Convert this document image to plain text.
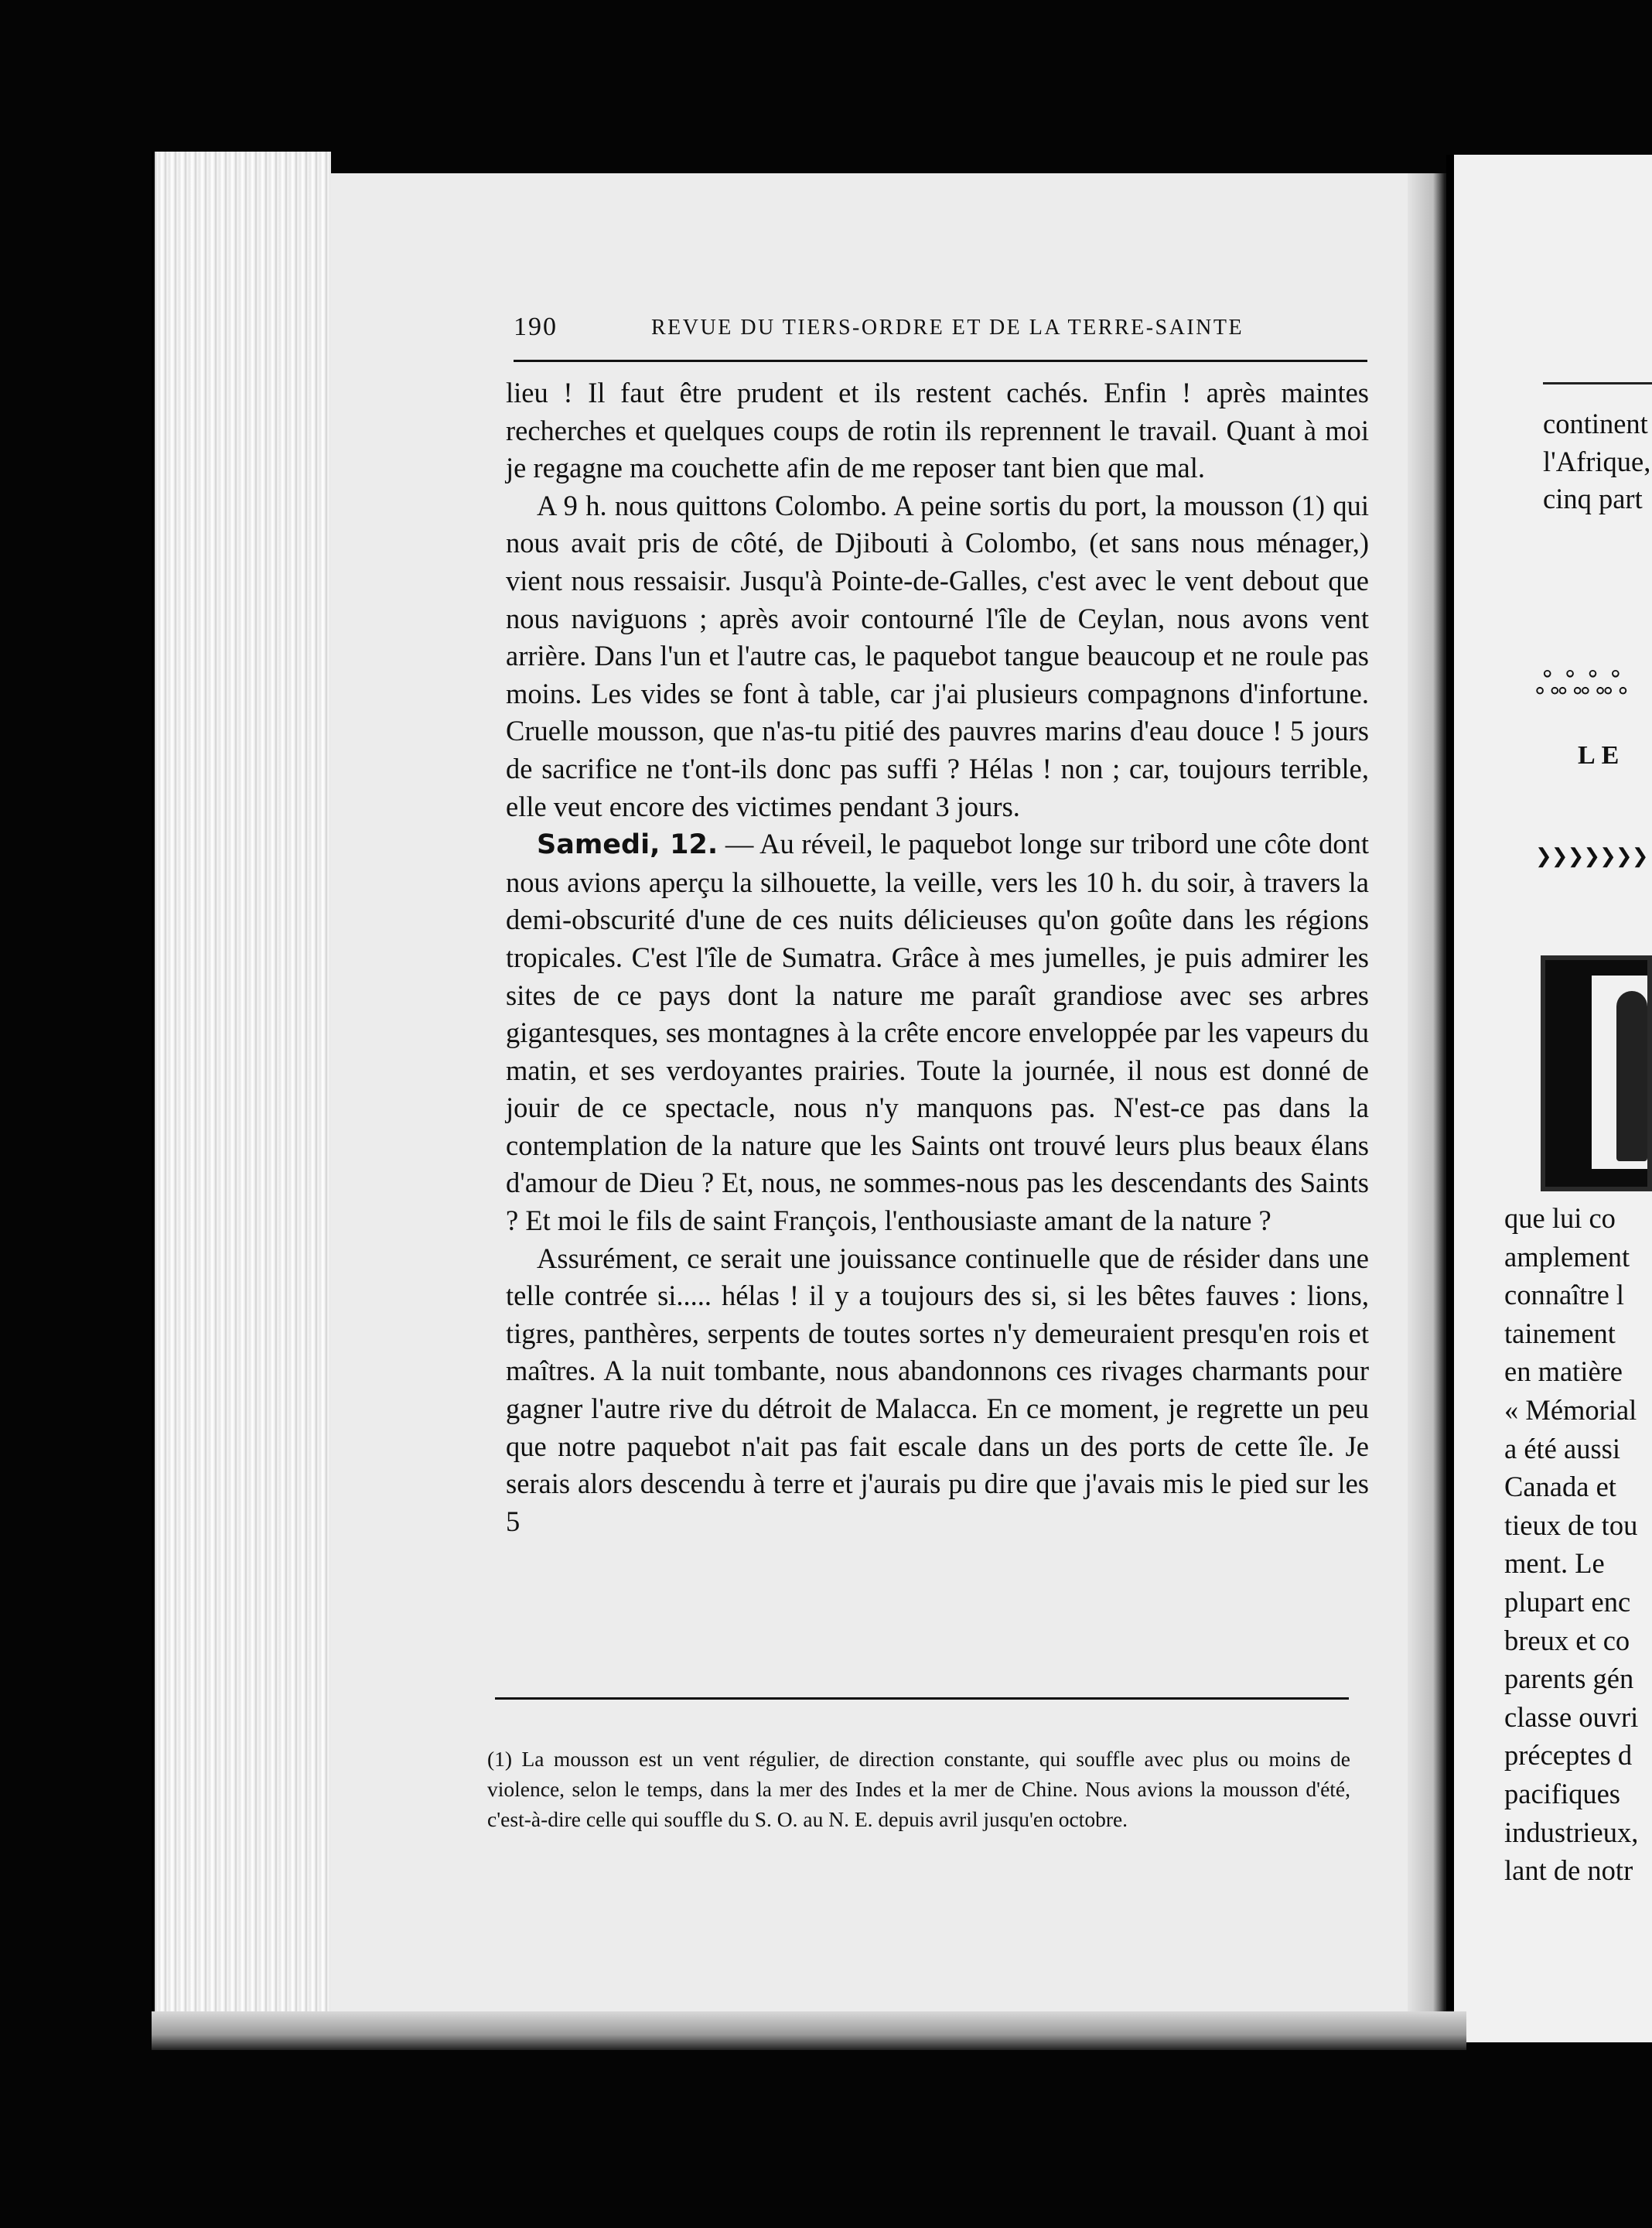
190	REVUE DU TIERS-ORDRE ET DE LA TERRE-SAINTE

lieu ! Il faut être prudent et ils restent cachés. Enfin ! après maintes recherches et quelques coups de rotin ils reprennent le travail. Quant à moi je regagne ma couchette afin de me reposer tant bien que mal.

A 9 h. nous quittons Colombo. A peine sortis du port, la mousson (1) qui nous avait pris de côté, de Djibouti à Colombo, (et sans nous ménager,) vient nous ressaisir. Jusqu'à Pointe-de-Galles, c'est avec le vent debout que nous naviguons ; après avoir contourné l'île de Ceylan, nous avons vent arrière. Dans l'un et l'autre cas, le paquebot tangue beaucoup et ne roule pas moins. Les vides se font à table, car j'ai plusieurs compagnons d'infortune. Cruelle mousson, que n'as-tu pitié des pauvres marins d'eau douce ! 5 jours de sacrifice ne t'ont-ils donc pas suffi ? Hélas ! non ; car, toujours terrible, elle veut encore des victimes pendant 3 jours.

Samedi, 12. — Au réveil, le paquebot longe sur tribord une côte dont nous avions aperçu la silhouette, la veille, vers les 10 h. du soir, à travers la demi-obscurité d'une de ces nuits délicieuses qu'on goûte dans les régions tropicales. C'est l'île de Sumatra. Grâce à mes jumelles, je puis admirer les sites de ce pays dont la nature me paraît grandiose avec ses arbres gigantesques, ses montagnes à la crête encore enveloppée par les vapeurs du matin, et ses verdoyantes prairies. Toute la journée, il nous est donné de jouir de ce spectacle, nous n'y manquons pas. N'est-ce pas dans la contemplation de la nature que les Saints ont trouvé leurs plus beaux élans d'amour de Dieu ? Et, nous, ne sommes-nous pas les descendants des Saints ? Et moi le fils de saint François, l'enthousiaste amant de la nature ?

Assurément, ce serait une jouissance continuelle que de résider dans une telle contrée si..... hélas ! il y a toujours des si, si les bêtes fauves : lions, tigres, panthères, serpents de toutes sortes n'y demeuraient presqu'en rois et maîtres. A la nuit tombante, nous abandonnons ces rivages charmants pour gagner l'autre rive du détroit de Malacca. En ce moment, je regrette un peu que notre paquebot n'ait pas fait escale dans un des ports de cette île. Je serais alors descendu à terre et j'aurais pu dire que j'avais mis le pied sur les 5

(1) La mousson est un vent régulier, de direction constante, qui souffle avec plus ou moins de violence, selon le temps, dans la mer des Indes et la mer de Chine. Nous avions la mousson d'été, c'est-à-dire celle qui souffle du S. O. au N. E. depuis avril jusqu'en octobre.
continent
l'Afrique,
cinq part
ஃஃஃஃ
LE
❯❯❯❯❯❯❯
que lui co
amplement
connaître l
tainement
en matière
« Mémorial
a été aussi
Canada et
tieux de tou
ment. Le
plupart enc
breux et co
parents gén
classe ouvri
préceptes d
pacifiques
industrieux,
lant de notr
